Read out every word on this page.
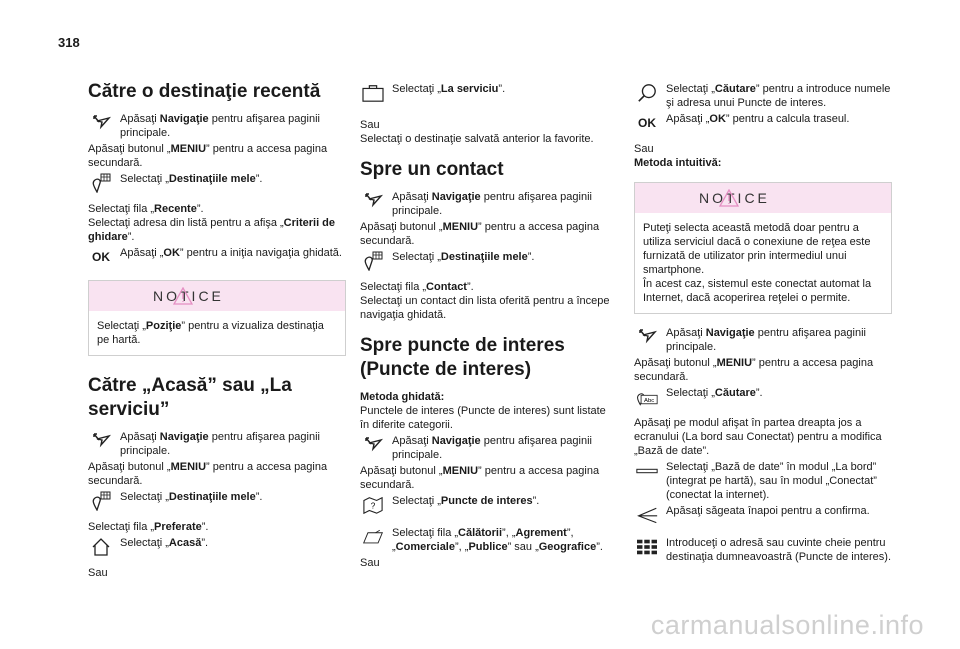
318
Către o destinaţie recentă
Apăsaţi Navigaţie pentru afişarea paginii principale.

Apăsaţi butonul „MENIU” pentru a accesa pagina secundară.

Selectaţi „Destinaţiile mele”.

Selectaţi fila „Recente”.

Selectaţi adresa din listă pentru a afişa „Criterii de ghidare”.

OK Apăsaţi „OK” pentru a iniţia navigaţia ghidată.
NOTICE
Selectaţi „Poziţie” pentru a vizualiza destinaţia pe hartă.
Către „Acasă” sau „La serviciu”
Apăsaţi Navigaţie pentru afişarea paginii principale.

Apăsaţi butonul „MENIU” pentru a accesa pagina secundară.

Selectaţi „Destinaţiile mele”.

Selectaţi fila „Preferate”.

Selectaţi „Acasă”.

Sau

Selectaţi „La serviciu”.

Sau

Selectaţi o destinaţie salvată anterior la favorite.

Spre un contact
Apăsaţi Navigaţie pentru afişarea paginii principale.

Apăsaţi butonul „MENIU” pentru a accesa pagina secundară.

Selectaţi „Destinaţiile mele”.

Selectaţi fila „Contact”.

Selectaţi un contact din lista oferită pentru a începe navigaţia ghidată.

Spre puncte de interes (Puncte de interes)

Metoda ghidată:

Punctele de interes (Puncte de interes) sunt listate în diferite categorii.

Apăsaţi Navigaţie pentru afişarea paginii principale.

Apăsaţi butonul „MENIU” pentru a accesa pagina secundară.

? Selectaţi „Puncte de interes”.
Selectaţi fila „Călătorii”, „Agrement”, „Comerciale”, „Publice” sau „Geografice”.

Sau

Selectaţi „Căutare” pentru a introduce numele şi adresa unui Puncte de interes.
OK Apăsaţi „OK” pentru a calcula traseul.

Sau

Metoda intuitivă:

NOTICE
Puteţi selecta această metodă doar pentru a utiliza serviciul dacă o conexiune de reţea este furnizată de utilizator prin intermediul unui smartphone.
În acest caz, sistemul este conectat automat la Internet, dacă acoperirea reţelei o permite.
Apăsaţi Navigaţie pentru afişarea paginii principale.

Apăsaţi butonul „MENIU” pentru a accesa pagina secundară.

Abc
Selectaţi „Căutare”.

Apăsaţi pe modul afişat în partea dreapta jos a ecranului (La bord sau Conectat) pentru a modifica „Bază de date”.

Selectaţi „Bază de date” în modul „La bord” (integrat pe hartă), sau în modul „Conectat” (conectat la internet).
Apăsaţi săgeata înapoi pentru a confirma.
Introduceţi o adresă sau cuvinte cheie pentru destinaţia dumneavoastră (Puncte de interes).
carmanualsonline.info
